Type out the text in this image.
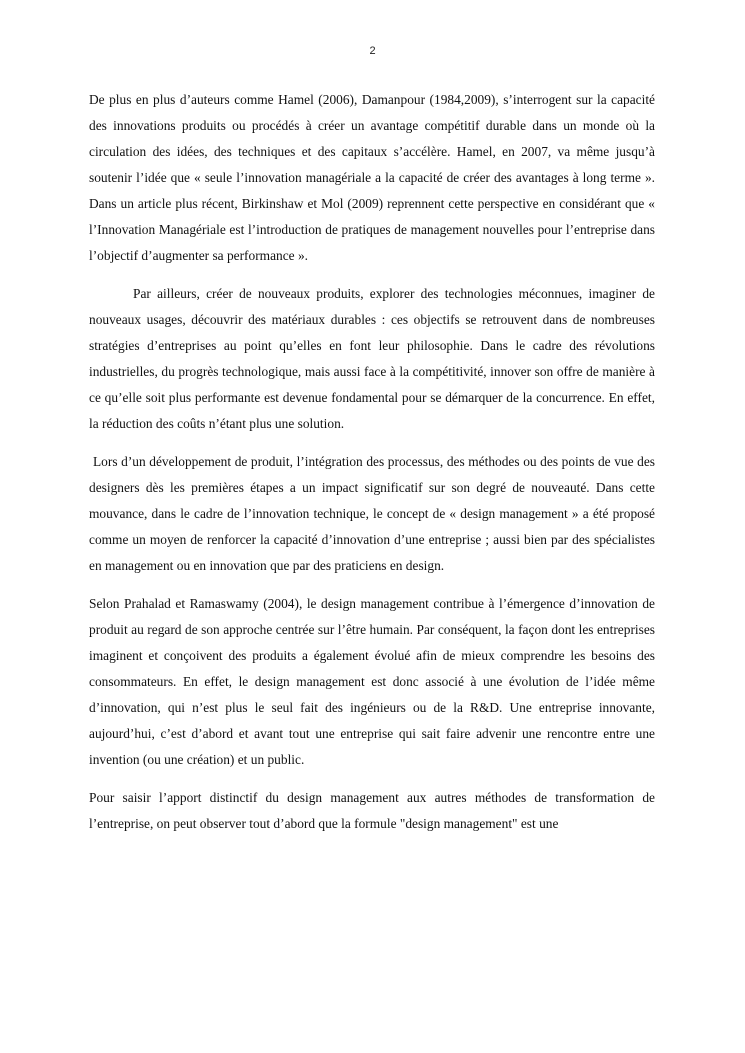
2

De plus en plus d’auteurs comme Hamel (2006), Damanpour (1984,2009), s’interrogent sur la capacité des innovations produits ou procédés à créer un avantage compétitif durable dans un monde où la circulation des idées, des techniques et des capitaux s’accélère. Hamel, en 2007, va même jusqu’à soutenir l’idée que « seule l’innovation managériale a la capacité de créer des avantages à long terme ». Dans un article plus récent, Birkinshaw et Mol (2009) reprennent cette perspective en considérant que « l’Innovation Managériale est l’introduction de pratiques de management nouvelles pour l’entreprise dans l’objectif d’augmenter sa performance ».

Par ailleurs, créer de nouveaux produits, explorer des technologies méconnues, imaginer de nouveaux usages, découvrir des matériaux durables : ces objectifs se retrouvent dans de nombreuses stratégies d’entreprises au point qu’elles en font leur philosophie. Dans le cadre des révolutions industrielles, du progrès technologique, mais aussi face à la compétitivité, innover son offre de manière à ce qu’elle soit plus performante est devenue fondamental pour se démarquer de la concurrence. En effet, la réduction des coûts n’étant plus une solution.

Lors d’un développement de produit, l’intégration des processus, des méthodes ou des points de vue des designers dès les premières étapes a un impact significatif sur son degré de nouveauté. Dans cette mouvance, dans le cadre de l’innovation technique, le concept de « design management » a été proposé comme un moyen de renforcer la capacité d’innovation d’une entreprise ; aussi bien par des spécialistes en management ou en innovation que par des praticiens en design.

Selon Prahalad et Ramaswamy (2004), le design management contribue à l’émergence d’innovation de produit au regard de son approche centrée sur l’être humain. Par conséquent, la façon dont les entreprises imaginent et conçoivent des produits a également évolué afin de mieux comprendre les besoins des consommateurs. En effet, le design management est donc associé à une évolution de l’idée même d’innovation, qui n’est plus le seul fait des ingénieurs ou de la R&D. Une entreprise innovante, aujourd’hui, c’est d’abord et avant tout une entreprise qui sait faire advenir une rencontre entre une invention (ou une création) et un public.

Pour saisir l’apport distinctif du design management aux autres méthodes de transformation de l’entreprise, on peut observer tout d’abord que la formule "design management" est une
